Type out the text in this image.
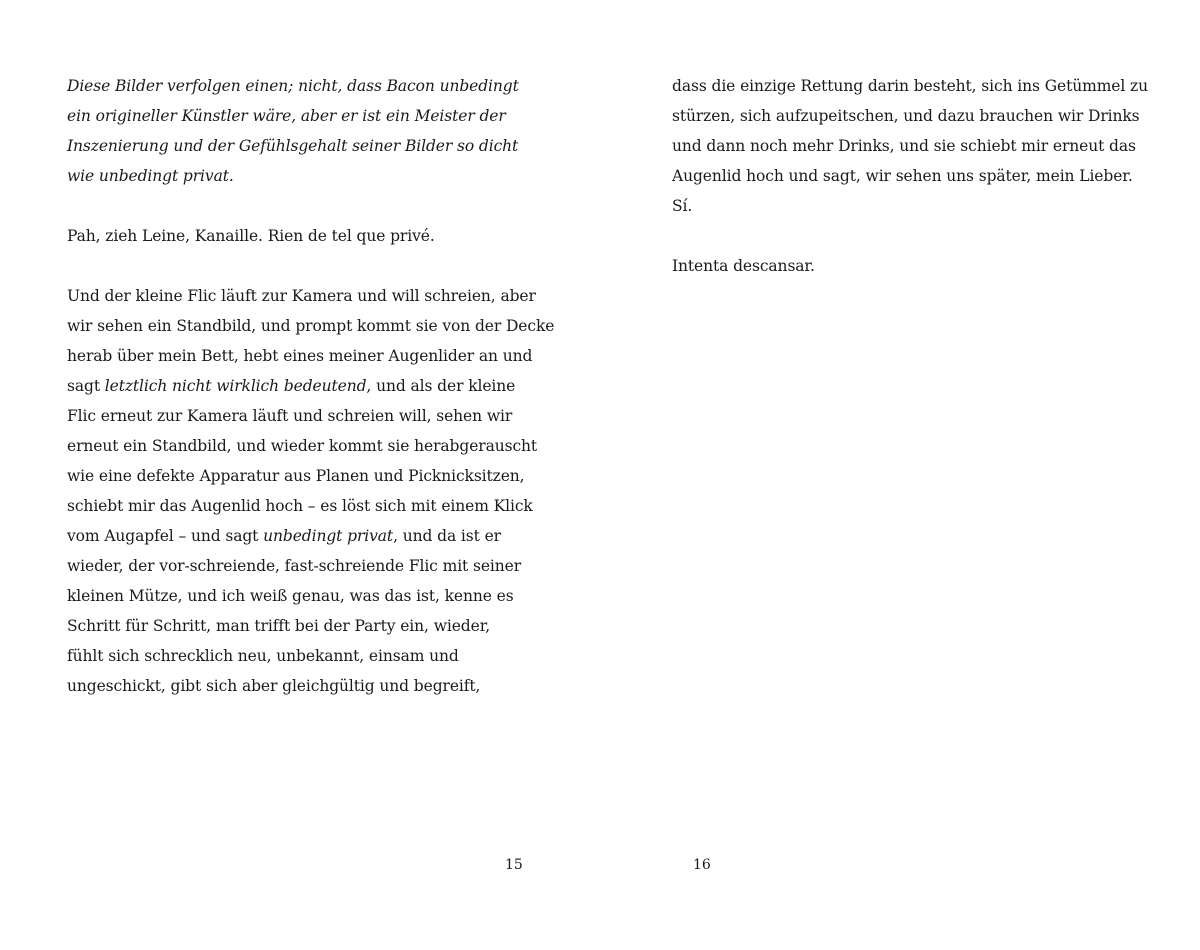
Diese Bilder verfolgen einen; nicht, dass Bacon unbedingt
ein origineller Künstler wäre, aber er ist ein Meister der
Inszenierung und der Gefühlsgehalt seiner Bilder so dicht
wie unbedingt privat.
Pah, zieh Leine, Kanaille. Rien de tel que privé.
Und der kleine Flic läuft zur Kamera und will schreien, aber
wir sehen ein Standbild, und prompt kommt sie von der Decke
herab über mein Bett, hebt eines meiner Augenlider an und
sagt letztlich nicht wirklich bedeutend, und als der kleine
Flic erneut zur Kamera läuft und schreien will, sehen wir
erneut ein Standbild, und wieder kommt sie herabgerauscht
wie eine defekte Apparatur aus Planen und Picknicksitzen,
schiebt mir das Augenlid hoch – es löst sich mit einem Klick
vom Augapfel – und sagt unbedingt privat, und da ist er
wieder, der vor-schreiende, fast-schreiende Flic mit seiner
kleinen Mütze, und ich weiß genau, was das ist, kenne es
Schritt für Schritt, man trifft bei der Party ein, wieder,
fühlt sich schrecklich neu, unbekannt, einsam und
ungeschickt, gibt sich aber gleichgültig und begreift,
15
dass die einzige Rettung darin besteht, sich ins Getümmel zu
stürzen, sich aufzupeitschen, und dazu brauchen wir Drinks
und dann noch mehr Drinks, und sie schiebt mir erneut das
Augenlid hoch und sagt, wir sehen uns später, mein Lieber.
Sí.
Intenta descansar.
16
